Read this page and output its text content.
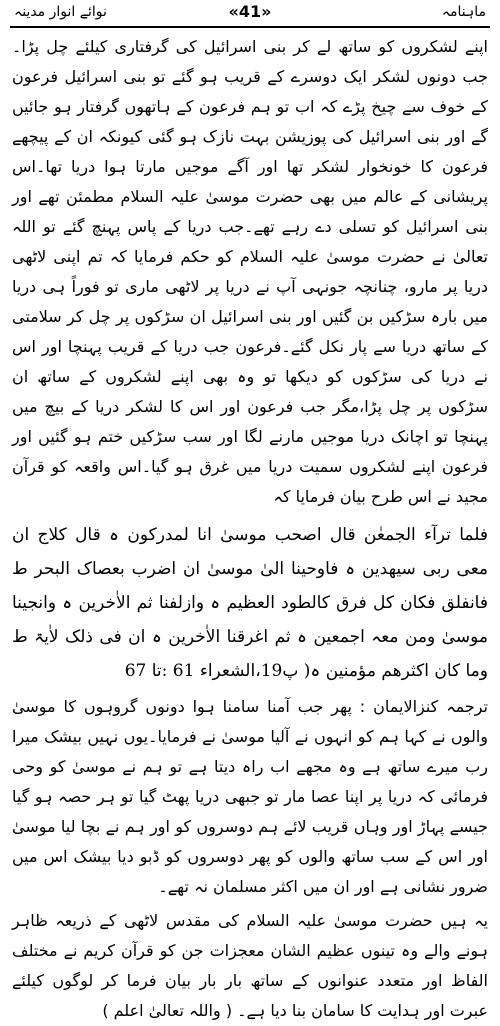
ماہنامہ
«41»
نوائے انوار مدینہ

اپنے لشکروں کو ساتھ لے کر بنی اسرائیل کی گرفتاری کیلئے چل پڑا۔جب دونوں لشکر ایک دوسرے کے قریب ہو گئے تو بنی اسرائیل فرعون کے خوف سے چیخ پڑے کہ اب تو ہم فرعون کے ہاتھوں گرفتار ہو جائیں گے اور بنی اسرائیل کی پوزیشن بہت نازک ہو گئی کیونکہ ان کے پیچھے فرعون کا خونخوار لشکر تھا اور آگے موجیں مارتا ہوا دریا تھا۔اس پریشانی کے عالم میں بھی حضرت موسیٰ علیہ السلام مطمئن تھے اور بنی اسرائیل کو تسلی دے رہے تھے۔جب دریا کے پاس پہنچ گئے تو اللہ تعالیٰ نے حضرت موسیٰ علیہ السلام کو حکم فرمایا کہ تم اپنی لاٹھی دریا پر مارو، چنانچہ جونہی آپ نے دریا پر لاٹھی ماری تو فوراً ہی دریا میں بارہ سڑکیں بن گئیں اور بنی اسرائیل ان سڑکوں پر چل کر سلامتی کے ساتھ دریا سے پار نکل گئے۔فرعون جب دریا کے قریب پہنچا اور اس نے دریا کی سڑکوں کو دیکھا تو وہ بھی اپنے لشکروں کے ساتھ ان سڑکوں پر چل پڑا،مگر جب فرعون اور اس کا لشکر دریا کے بیچ میں پہنچا تو اچانک دریا موجیں مارنے لگا اور سب سڑکیں ختم ہو گئیں اور فرعون اپنے لشکروں سمیت دریا میں غرق ہو گیا۔اس واقعہ کو قرآن مجید نے اس طرح بیان فرمایا کہ

فلما ترآء الجمعٰن قال اصحب موسیٰ انا لمدرکون ہ قال کلاج ان معی ربی سیھدین ہ فاوحینا الیٰ موسیٰ ان اضرب بعصاک البحر ط فانفلق فکان کل فرق کالطود العظیم ہ وازلفنا ثم الاٰخرین ہ وانجینا موسیٰ ومن معہ اجمعین ہ ثم اغرقنا الاٰخرین ہ ان فی ذلک لاٰیۃ ط وما کان اکثرھم مؤمنین ہ( پ19،الشعراء 61 :تا 67
ترجمہ کنزالایمان : پھر جب آمنا سامنا ہوا دونوں گروہوں کا موسیٰ والوں نے کہا ہم کو انہوں نے آلیا موسیٰ نے فرمایا۔یوں نہیں بیشک میرا رب میرے ساتھ ہے وہ مجھے اب راہ دیتا ہے تو ہم نے موسیٰ کو وحی فرمائی کہ دریا پر اپنا عصا مار تو جبھی دریا پھٹ گیا تو ہر حصہ ہو گیا جیسے پہاڑ اور وہاں قریب لائے ہم دوسروں کو اور ہم نے بچا لیا موسیٰ اور اس کے سب ساتھ والوں کو پھر دوسروں کو ڈبو دیا بیشک اس میں ضرور نشانی ہے اور ان میں اکثر مسلمان نہ تھے۔
یہ ہیں حضرت موسیٰ علیہ السلام کی مقدس لاٹھی کے ذریعہ ظاہر ہونے والے وہ تینوں عظیم الشان معجزات جن کو قرآن کریم نے مختلف الفاظ اور متعدد عنوانوں کے ساتھ بار بار بیان فرما کر لوگوں کیلئے عبرت اور ہدایت کا سامان بنا دیا ہے۔ ( واللہ تعالیٰ اعلم )
